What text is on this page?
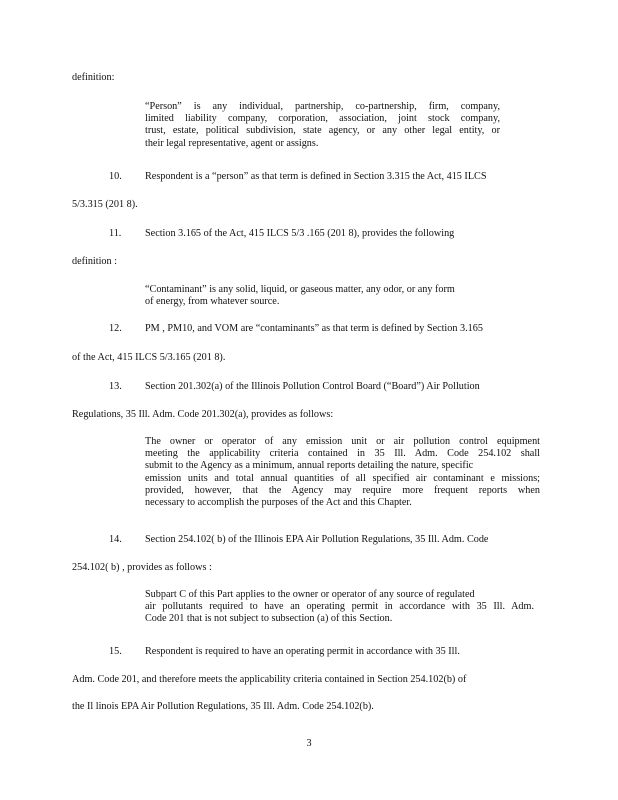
definition:
“Person” is any individual, partnership, co-partnership, firm, company,
limited liability company, corporation, association, joint stock company,
trust, estate, political subdivision, state agency, or any other legal entity, or
their legal representative, agent or assigns.
10. Respondent is a “person” as that term is defined in Section 3.315 the Act, 415 ILCS
5/3.315 (201 8).
11. Section 3.165 of the Act, 415 ILCS 5/3 .165 (201 8), provides the following
definition :
“Contaminant” is any solid, liquid, or gaseous matter, any odor, or any form
of energy, from whatever source.
12. PM , PM10, and VOM are “contaminants” as that term is defined by Section 3.165
of the Act, 415 ILCS 5/3.165 (201 8).
13. Section 201.302(a) of the Illinois Pollution Control Board (“Board”) Air Pollution
Regulations, 35 Ill. Adm. Code 201.302(a), provides as follows:
The owner or operator of any emission unit or air pollution control equipment
meeting the applicability criteria contained in 35 Ill. Adm. Code 254.102 shall
submit to the Agency as a minimum, annual reports detailing the nature, specific
emission units and total annual quantities of all specified air contaminant e missions;
provided, however, that the Agency may require more frequent reports when
necessary to accomplish the purposes of the Act and this Chapter.
14. Section 254.102( b) of the Illinois EPA Air Pollution Regulations, 35 Ill. Adm. Code
254.102( b) , provides as follows :
Subpart C of this Part applies to the owner or operator of any source of regulated
air pollutants required to have an operating permit in accordance with 35 Ill. Adm.
Code 201 that is not subject to subsection (a) of this Section.
15. Respondent is required to have an operating permit in accordance with 35 Ill.
Adm. Code 201, and therefore meets the applicability criteria contained in Section 254.102(b) of
the Il linois EPA Air Pollution Regulations, 35 Ill. Adm. Code 254.102(b).
3
